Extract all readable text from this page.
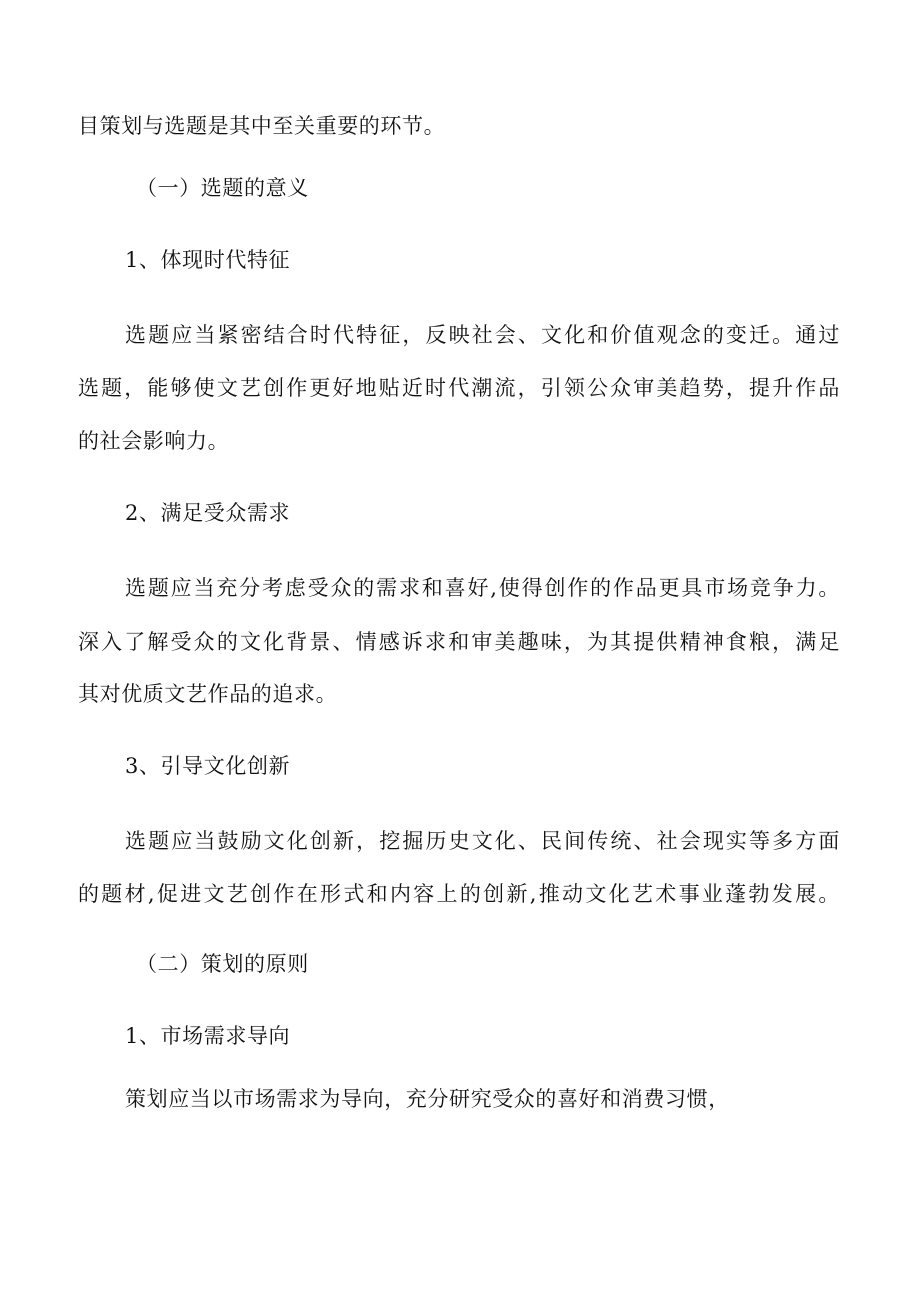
目策划与选题是其中至关重要的环节。
（一）选题的意义
1、体现时代特征
选题应当紧密结合时代特征，反映社会、文化和价值观念的变迁。通过
选题，能够使文艺创作更好地贴近时代潮流，引领公众审美趋势，提升作品
的社会影响力。
2、满足受众需求
选题应当充分考虑受众的需求和喜好,使得创作的作品更具市场竞争力。
深入了解受众的文化背景、情感诉求和审美趣味，为其提供精神食粮，满足
其对优质文艺作品的追求。
3、引导文化创新
选题应当鼓励文化创新，挖掘历史文化、民间传统、社会现实等多方面
的题材,促进文艺创作在形式和内容上的创新,推动文化艺术事业蓬勃发展。
（二）策划的原则
1、市场需求导向
策划应当以市场需求为导向，充分研究受众的喜好和消费习惯，
